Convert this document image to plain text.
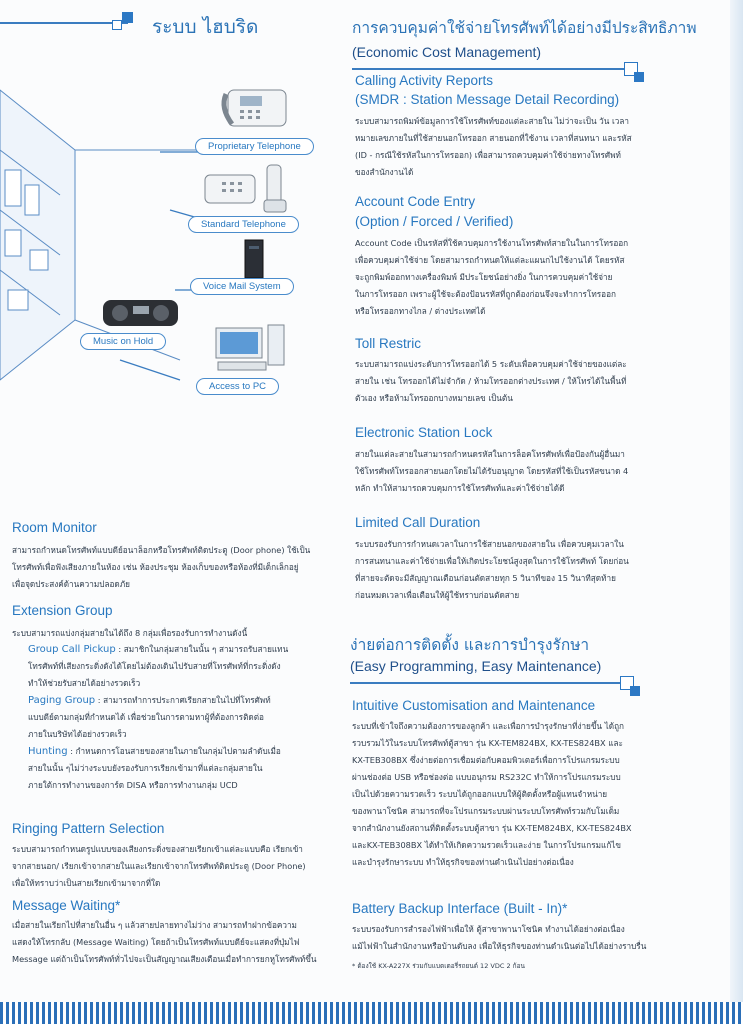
ระบบ ไฮบริด
Proprietary Telephone
Standard Telephone
Voice Mail System
Music on Hold
Access to PC
Room Monitor
สามารถกำหนดโทรศัพท์แบบดีย์อนาล็อกหรือโทรศัพท์ติดประตู (Door phone) ใช้เป็น
โทรศัพท์เพื่อฟังเสียงภายในห้อง เช่น ห้องประชุม ห้องเก็บของหรือห้องที่มีเด็กเล็กอยู่
เพื่อจุดประสงค์ด้านความปลอดภัย
Extension Group
ระบบสามารถแบ่งกลุ่มสายในได้ถึง 8 กลุ่มเพื่อรองรับการทำงานดังนี้
Group Call Pickup : สมาชิกในกลุ่มสายในนั้น ๆ สามารถรับสายแทน
โทรศัพท์ที่เสียงกระดิ่งดังได้โดยไม่ต้องเดินไปรับสายที่โทรศัพท์ที่กระดิ่งดัง
ทำให้ช่วยรับสายได้อย่างรวดเร็ว
Paging Group : สามารถทำการประกาศเรียกสายในไปที่โทรศัพท์
แบบดีย์ตามกลุ่มที่กำหนดได้ เพื่อช่วยในการตามหาผู้ที่ต้องการติดต่อ
ภายในบริษัทได้อย่างรวดเร็ว
Hunting : กำหนดการโอนสายของสายในภายในกลุ่มไปตามลำดับเมื่อ
สายในนั้น ๆไม่ว่างระบบยังรองรับการเรียกเข้ามาที่แต่ละกลุ่มสายใน
ภายใต้การทำงานของการ์ด DISA หรือการทำงานกลุ่ม UCD
Ringing Pattern Selection
ระบบสามารถกำหนดรูปแบบของเสียงกระดิ่งของสายเรียกเข้าแต่ละแบบคือ เรียกเข้า
จากสายนอก/ เรียกเข้าจากสายในและเรียกเข้าจากโทรศัพท์ติดประตู (Door Phone)
เพื่อให้ทราบว่าเป็นสายเรียกเข้ามาจากที่ใด
Message Waiting*
เมื่อสายในเรียกไปที่สายในอื่น ๆ แล้วสายปลายทางไม่ว่าง สามารถทำฝากข้อความ
แสดงให้โทรกลับ (Message Waiting) โดยถ้าเป็นโทรศัพท์แบบดีย์จะแสดงที่ปุ่มไฟ
Message แต่ถ้าเป็นโทรศัพท์ทั่วไปจะเป็นสัญญาณเสียงเตือนเมื่อทำการยกหูโทรศัพท์ขึ้น
การควบคุมค่าใช้จ่ายโทรศัพท์ได้อย่างมีประสิทธิภาพ
(Economic Cost Management)
Calling Activity Reports
(SMDR : Station Message Detail Recording)
ระบบสามารถพิมพ์ข้อมูลการใช้โทรศัพท์ของแต่ละสายใน ไม่ว่าจะเป็น วัน เวลา
หมายเลขภายในที่ใช้สายนอกโทรออก สายนอกที่ใช้งาน เวลาที่สนทนา และรหัส
(ID - กรณีใช้รหัสในการโทรออก) เพื่อสามารถควบคุมค่าใช้จ่ายทางโทรศัพท์
ของสำนักงานได้
Account Code Entry
(Option / Forced / Verified)
Account Code เป็นรหัสที่ใช้ควบคุมการใช้งานโทรศัพท์สายในในการโทรออก
เพื่อควบคุมค่าใช้จ่าย โดยสามารถกำหนดให้แต่ละแผนกไปใช้งานได้ โดยรหัส
จะถูกพิมพ์ออกทางเครื่องพิมพ์ มีประโยชน์อย่างยิ่ง ในการควบคุมค่าใช้จ่าย
ในการโทรออก เพราะผู้ใช้จะต้องป้อนรหัสที่ถูกต้องก่อนจึงจะทำการโทรออก
หรือโทรออกทางไกล / ต่างประเทศได้
Toll Restric
ระบบสามารถแบ่งระดับการโทรออกได้ 5 ระดับเพื่อควบคุมค่าใช้จ่ายของแต่ละ
สายใน เช่น โทรออกได้ไม่จำกัด / ห้ามโทรออกต่างประเทศ / ให้โทรได้ในพื้นที่
ตัวเอง หรือห้ามโทรออกบางหมายเลข เป็นต้น
Electronic Station Lock
สายในแต่ละสายในสามารถกำหนดรหัสในการล็อคโทรศัพท์เพื่อป้องกันผู้อื่นมา
ใช้โทรศัพท์โทรออกสายนอกโดยไม่ได้รับอนุญาต โดยรหัสที่ใช้เป็นรหัสขนาด 4
หลัก ทำให้สามารถควบคุมการใช้โทรศัพท์และค่าใช้จ่ายได้ดี
Limited Call Duration
ระบบรองรับการกำหนดเวลาในการใช้สายนอกของสายใน เพื่อควบคุมเวลาใน
การสนทนาและค่าใช้จ่ายเพื่อให้เกิดประโยชน์สูงสุดในการใช้โทรศัพท์ โดยก่อน
ที่สายจะตัดจะมีสัญญาณเตือนก่อนตัดสายทุก 5 วินาทีของ 15 วินาทีสุดท้าย
ก่อนหมดเวลาเพื่อเตือนให้ผู้ใช้ทราบก่อนตัดสาย
ง่ายต่อการติดตั้ง และการบำรุงรักษา
(Easy Programming, Easy Maintenance)
Intuitive Customisation and Maintenance
ระบบที่เข้าใจถึงความต้องการของลูกค้า และเพื่อการบำรุงรักษาที่ง่ายขึ้น ได้ถูก
รวบรวมไว้ในระบบโทรศัพท์ตู้สาขา รุ่น KX-TEM824BX, KX-TES824BX และ
KX-TEB308BX ซึ่งง่ายต่อการเชื่อมต่อกับคอมพิวเตอร์เพื่อการโปรแกรมระบบ
ผ่านช่องต่อ USB หรือช่องต่อ แบบอนุกรม RS232C ทำให้การโปรแกรมระบบ
เป็นไปด้วยความรวดเร็ว ระบบได้ถูกออกแบบให้ผู้ติดตั้งหรือผู้แทนจำหน่าย
ของพานาโซนิค สามารถที่จะโปรแกรมระบบผ่านระบบโทรศัพท์รวมกับโมเด็ม
จากสำนักงานยังสถานที่ติดตั้งระบบตู้สาขา รุ่น KX-TEM824BX, KX-TES824BX
และKX-TEB308BX ได้ทำให้เกิดความรวดเร็วและง่าย ในการโปรแกรมแก้ไข
และบำรุงรักษาระบบ ทำให้ธุรกิจของท่านดำเนินไปอย่างต่อเนื่อง
Battery Backup Interface (Built - In)*
ระบบรองรับการสำรองไฟฟ้าเพื่อให้ ตู้สาขาพานาโซนิค ทำงานได้อย่างต่อเนื่อง
แม้ไฟฟ้าในสำนักงานหรือบ้านดับลง เพื่อให้ธุรกิจของท่านดำเนินต่อไปได้อย่างราบรื่น
* ต้องใช้ KX-A227X ร่วมกับแบตเตอรี่รถยนต์ 12 VDC 2 ก้อน
